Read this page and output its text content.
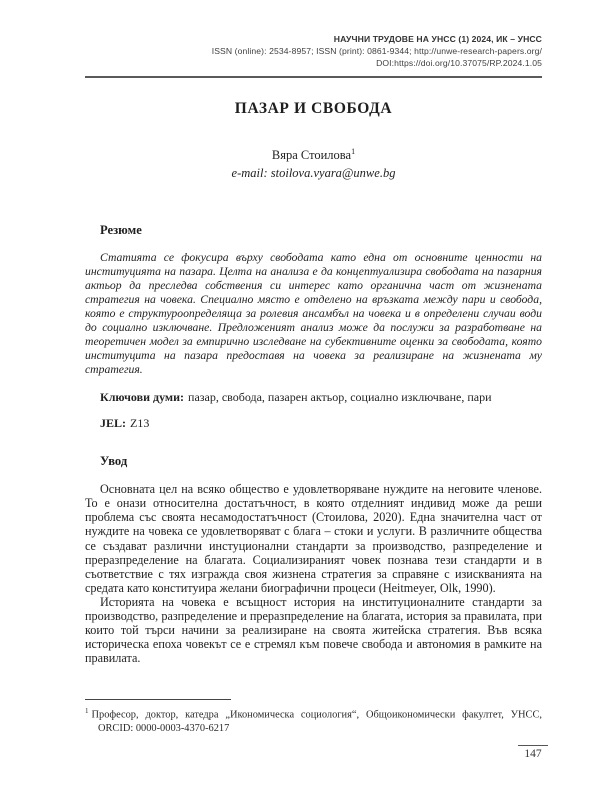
НАУЧНИ ТРУДОВЕ НА УНСС (1) 2024, ИК – УНСС
ISSN (online): 2534-8957; ISSN (print): 0861-9344; http://unwe-research-papers.org/
DOI:https://doi.org/10.37075/RP.2024.1.05
ПАЗАР И СВОБОДА
Вяра Стоилова$^1$
e-mail: stoilova.vyara@unwe.bg
Резюме

Статията се фокусира върху свободата като една от основните ценности на институцията на пазара. Целта на анализа е да концептуализира свободата на пазарния актьор да преследва собствения си интерес като органична част от жизнената стратегия на човека. Специално място е отделено на връзката между пари и свобода, която е структуроопределяща за ролевия ансамбъл на човека и в определени случаи води до социално изключване. Предложеният анализ може да послужи за разработване на теоретичен модел за емпирично изследване на субективните оценки за свободата, която институцита на пазара предоставя на човека за реализиране на жизнената му стратегия.

Ключови думи: пазар, свобода, пазарен актьор, социално изключване, пари

JEL: Z13

Увод

Основната цел на всяко общество е удовлетворяване нуждите на неговите членове. То е онази относителна достатъчност, в която отделният индивид може да реши проблема със своята несамодостатъчност (Стоилова, 2020). Една значителна част от нуждите на човека се удовлетворяват с блага – стоки и услуги. В различните общества се създават различни инстуционални стандарти за производство, разпределение и преразпределение на благата. Социализираният човек познава тези стандарти и в съответствие с тях изгражда своя жизнена стратегия за справяне с изискванията на средата като конституира желани биографични процеси (Heitmeyer, Olk, 1990).

Историята на човека е всъщност история на институционалните стандарти за производство, разпределение и преразпределение на благата, история за правилата, при които той търси начини за реализиране на своята житейска стратегия. Във всяка историческа епоха човекът се е стремял към повече свобода и автономия в рамките на правилата.

$^1$ Професор, доктор, катедра „Икономическа социология“, Общоикономически факултет, УНСС, ORCID: 0000-0003-4370-6217

147
